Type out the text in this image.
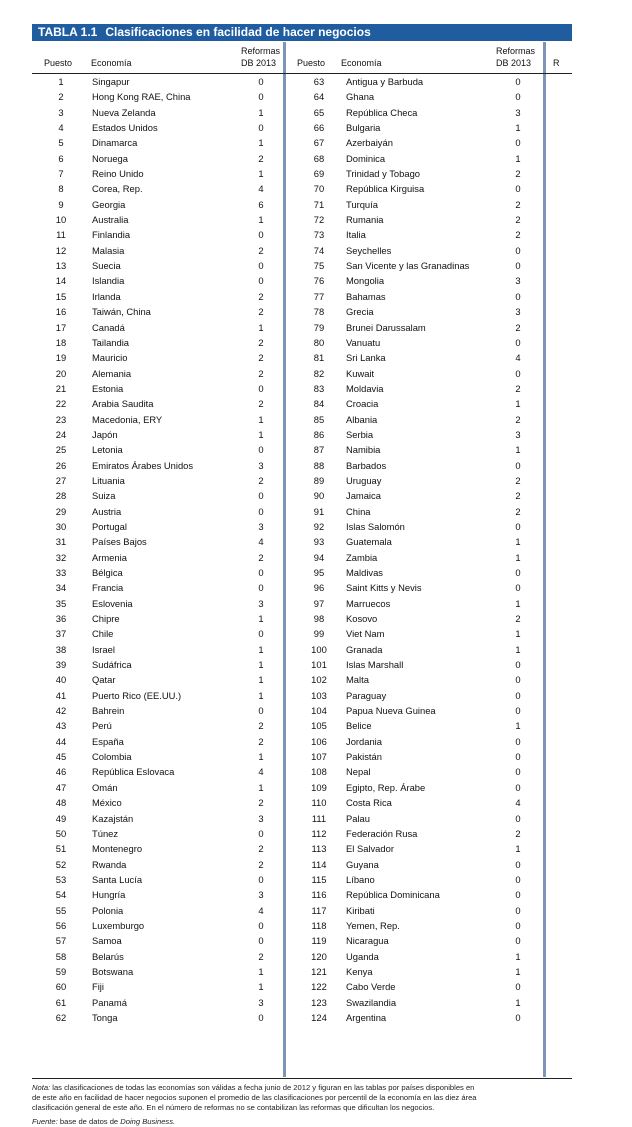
TABLA 1.1 Clasificaciones en facilidad de hacer negocios
Puesto Economía
Reformas
DB 2013 Puesto Economía
Reformas
DB 2013 R
1	Singapur	0	63	Antigua y Barbuda	0
2	Hong Kong RAE, China	0	64	Ghana	0
3	Nueva Zelanda	1	65	República Checa	3
4	Estados Unidos	0	66	Bulgaria	1
5	Dinamarca	1	67	Azerbaiyán	0
6	Noruega	2	68	Dominica	1
7	Reino Unido	1	69	Trinidad y Tobago	2
8	Corea, Rep.	4	70	República Kirguisa	0
9	Georgia	6	71	Turquía	2
10	Australia	1	72	Rumania	2
11	Finlandia	0	73	Italia	2
12	Malasia	2	74	Seychelles	0
13	Suecia	0	75	San Vicente y las Granadinas	0
14	Islandia	0	76	Mongolia	3
15	Irlanda	2	77	Bahamas	0
16	Taiwán, China	2	78	Grecia	3
17	Canadá	1	79	Brunei Darussalam	2
18	Tailandia	2	80	Vanuatu	0
19	Mauricio	2	81	Sri Lanka	4
20	Alemania	2	82	Kuwait	0
21	Estonia	0	83	Moldavia	2
22	Arabia Saudita	2	84	Croacia	1
23	Macedonia, ERY	1	85	Albania	2
24	Japón	1	86	Serbia	3
25	Letonia	0	87	Namibia	1
26	Emiratos Árabes Unidos	3	88	Barbados	0
27	Lituania	2	89	Uruguay	2
28	Suiza	0	90	Jamaica	2
29	Austria	0	91	China	2
30	Portugal	3	92	Islas Salomón	0
31	Países Bajos	4	93	Guatemala	1
32	Armenia	2	94	Zambia	1
33	Bélgica	0	95	Maldivas	0
34	Francia	0	96	Saint Kitts y Nevis	0
35	Eslovenia	3	97	Marruecos	1
36	Chipre	1	98	Kosovo	2
37	Chile	0	99	Viet Nam	1
38	Israel	1	100	Granada	1
39	Sudáfrica	1	101	Islas Marshall	0
40	Qatar	1	102	Malta	0
41	Puerto Rico (EE.UU.)	1	103	Paraguay	0
42	Bahrein	0	104	Papua Nueva Guinea	0
43	Perú	2	105	Belice	1
44	España	2	106	Jordania	0
45	Colombia	1	107	Pakistán	0
46	República Eslovaca	4	108	Nepal	0
47	Omán	1	109	Egipto, Rep. Árabe	0
48	México	2	110	Costa Rica	4
49	Kazajstán	3	111	Palau	0
50	Túnez	0	112	Federación Rusa	2
51	Montenegro	2	113	El Salvador	1
52	Rwanda	2	114	Guyana	0
53	Santa Lucía	0	115	Líbano	0
54	Hungría	3	116	República Dominicana	0
55	Polonia	4	117	Kiribati	0
56	Luxemburgo	0	118	Yemen, Rep.	0
57	Samoa	0	119	Nicaragua	0
58	Belarús	2	120	Uganda	1
59	Botswana	1	121	Kenya	1
60	Fiji	1	122	Cabo Verde	0
61	Panamá	3	123	Swazilandia	1
62	Tonga	0	124	Argentina	0

Nota: las clasificaciones de todas las economías son válidas a fecha junio de 2012 y figuran en las tablas por países disponibles en

de este año en facilidad de hacer negocios suponen el promedio de las clasificaciones por percentil de la economía en las diez área

clasificación general de este año. En el número de reformas no se contabilizan las reformas que dificultan los negocios.

Fuente: base de datos de Doing Business.
